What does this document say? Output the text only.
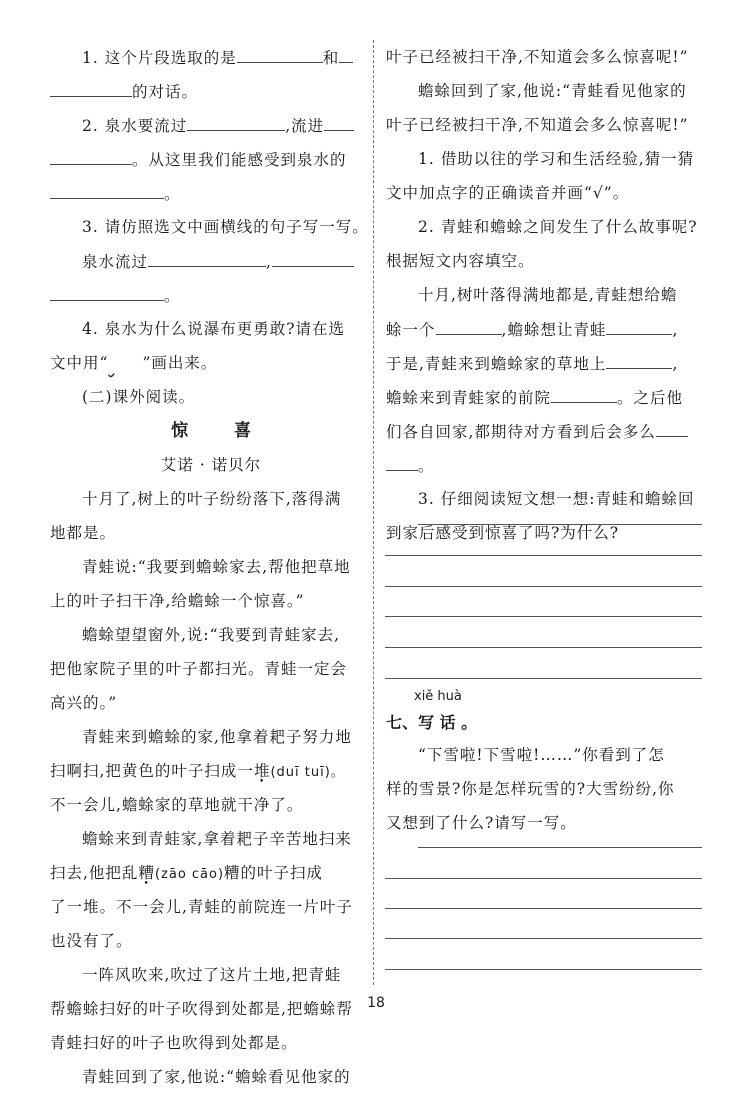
1. 这个片段选取的是	和
的对话。
2. 泉水要流过	,流进
。从这里我们能感受到泉水的
。
3. 请仿照选文中画横线的句子写一写。
泉水流过	,
。
4. 泉水为什么说瀑布更勇敢?请在选
文中用“ ”画出来。
(二)课外阅读。
惊	喜
艾诺 · 诺贝尔
十月了,树上的叶子纷纷落下,落得满
地都是。
青蛙说:“我要到蟾蜍家去,帮他把草地
上的叶子扫干净,给蟾蜍一个惊喜。”
蟾蜍望望窗外,说:“我要到青蛙家去,
把他家院子里的叶子都扫光。青蛙一定会
高兴的。”
青蛙来到蟾蜍的家,他拿着耙子努力地
扫啊扫,把黄色的叶子扫成一堆(duī tuī)。
不一会儿,蟾蜍家的草地就干净了。
蟾蜍来到青蛙家,拿着耙子辛苦地扫来
扫去,他把乱糟(zāo cāo)糟的叶子扫成
了一堆。不一会儿,青蛙的前院连一片叶子
也没有了。
一阵风吹来,吹过了这片土地,把青蛙
帮蟾蜍扫好的叶子吹得到处都是,把蟾蜍帮
青蛙扫好的叶子也吹得到处都是。
青蛙回到了家,他说:“蟾蜍看见他家的
叶子已经被扫干净,不知道会多么惊喜呢!”
蟾蜍回到了家,他说:“青蛙看见他家的
叶子已经被扫干净,不知道会多么惊喜呢!”
1. 借助以往的学习和生活经验,猜一猜
文中加点字的正确读音并画“√”。
2. 青蛙和蟾蜍之间发生了什么故事呢?
根据短文内容填空。
十月,树叶落得满地都是,青蛙想给蟾
蜍一个	,蟾蜍想让青蛙	,
于是,青蛙来到蟾蜍家的草地上	,
蟾蜍来到青蛙家的前院	。之后他
们各自回家,都期待对方看到后会多么
。
3. 仔细阅读短文想一想:青蛙和蟾蜍回
到家后感受到惊喜了吗?为什么?
xiě huà
七、写 话 。
“下雪啦!下雪啦!……”你看到了怎
样的雪景?你是怎样玩雪的?大雪纷纷,你
又想到了什么?请写一写。
18
